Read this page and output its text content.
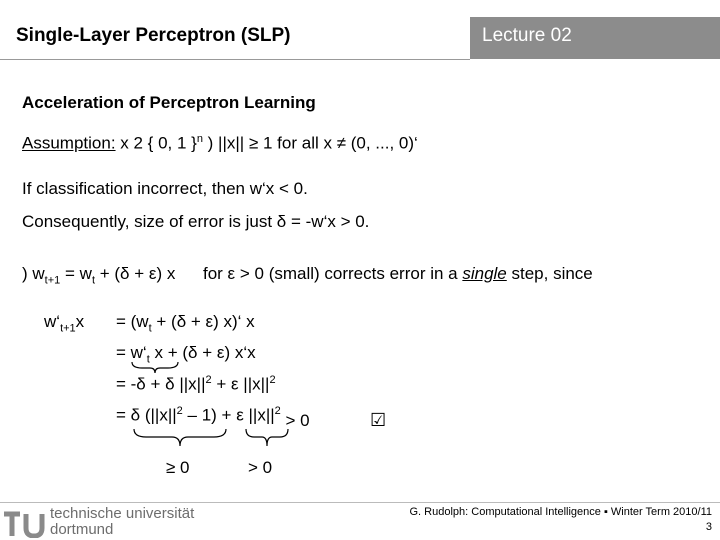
Single-Layer Perceptron (SLP)	Lecture 02
Acceleration of Perceptron Learning
Assumption: x 2 { 0, 1 }$^n$ ) ||x|| ≥ 1 for all x ≠ (0, ..., 0)‘
If classification incorrect, then w‘x < 0.
Consequently, size of error is just δ = -w‘x > 0.
) $w_{t+1} = w_t + (\delta + \varepsilon)$ x for ε > 0 (small) corrects error in a single step, since
$w‘_{t+1}x = (w_t + (\delta + \varepsilon)$ x)‘ x
= $w‘_t$ x + (δ + ε) x‘x
= -δ + δ $||x||^2 + \varepsilon$ $||x||^2$
= δ $(||x||^2 - 1) + \varepsilon$ $||x||^2 > 0$	☑
≥ 0	> 0
technische universität
dortmund
G. Rudolph: Computational Intelligence ▪ Winter Term 2010/11
3
